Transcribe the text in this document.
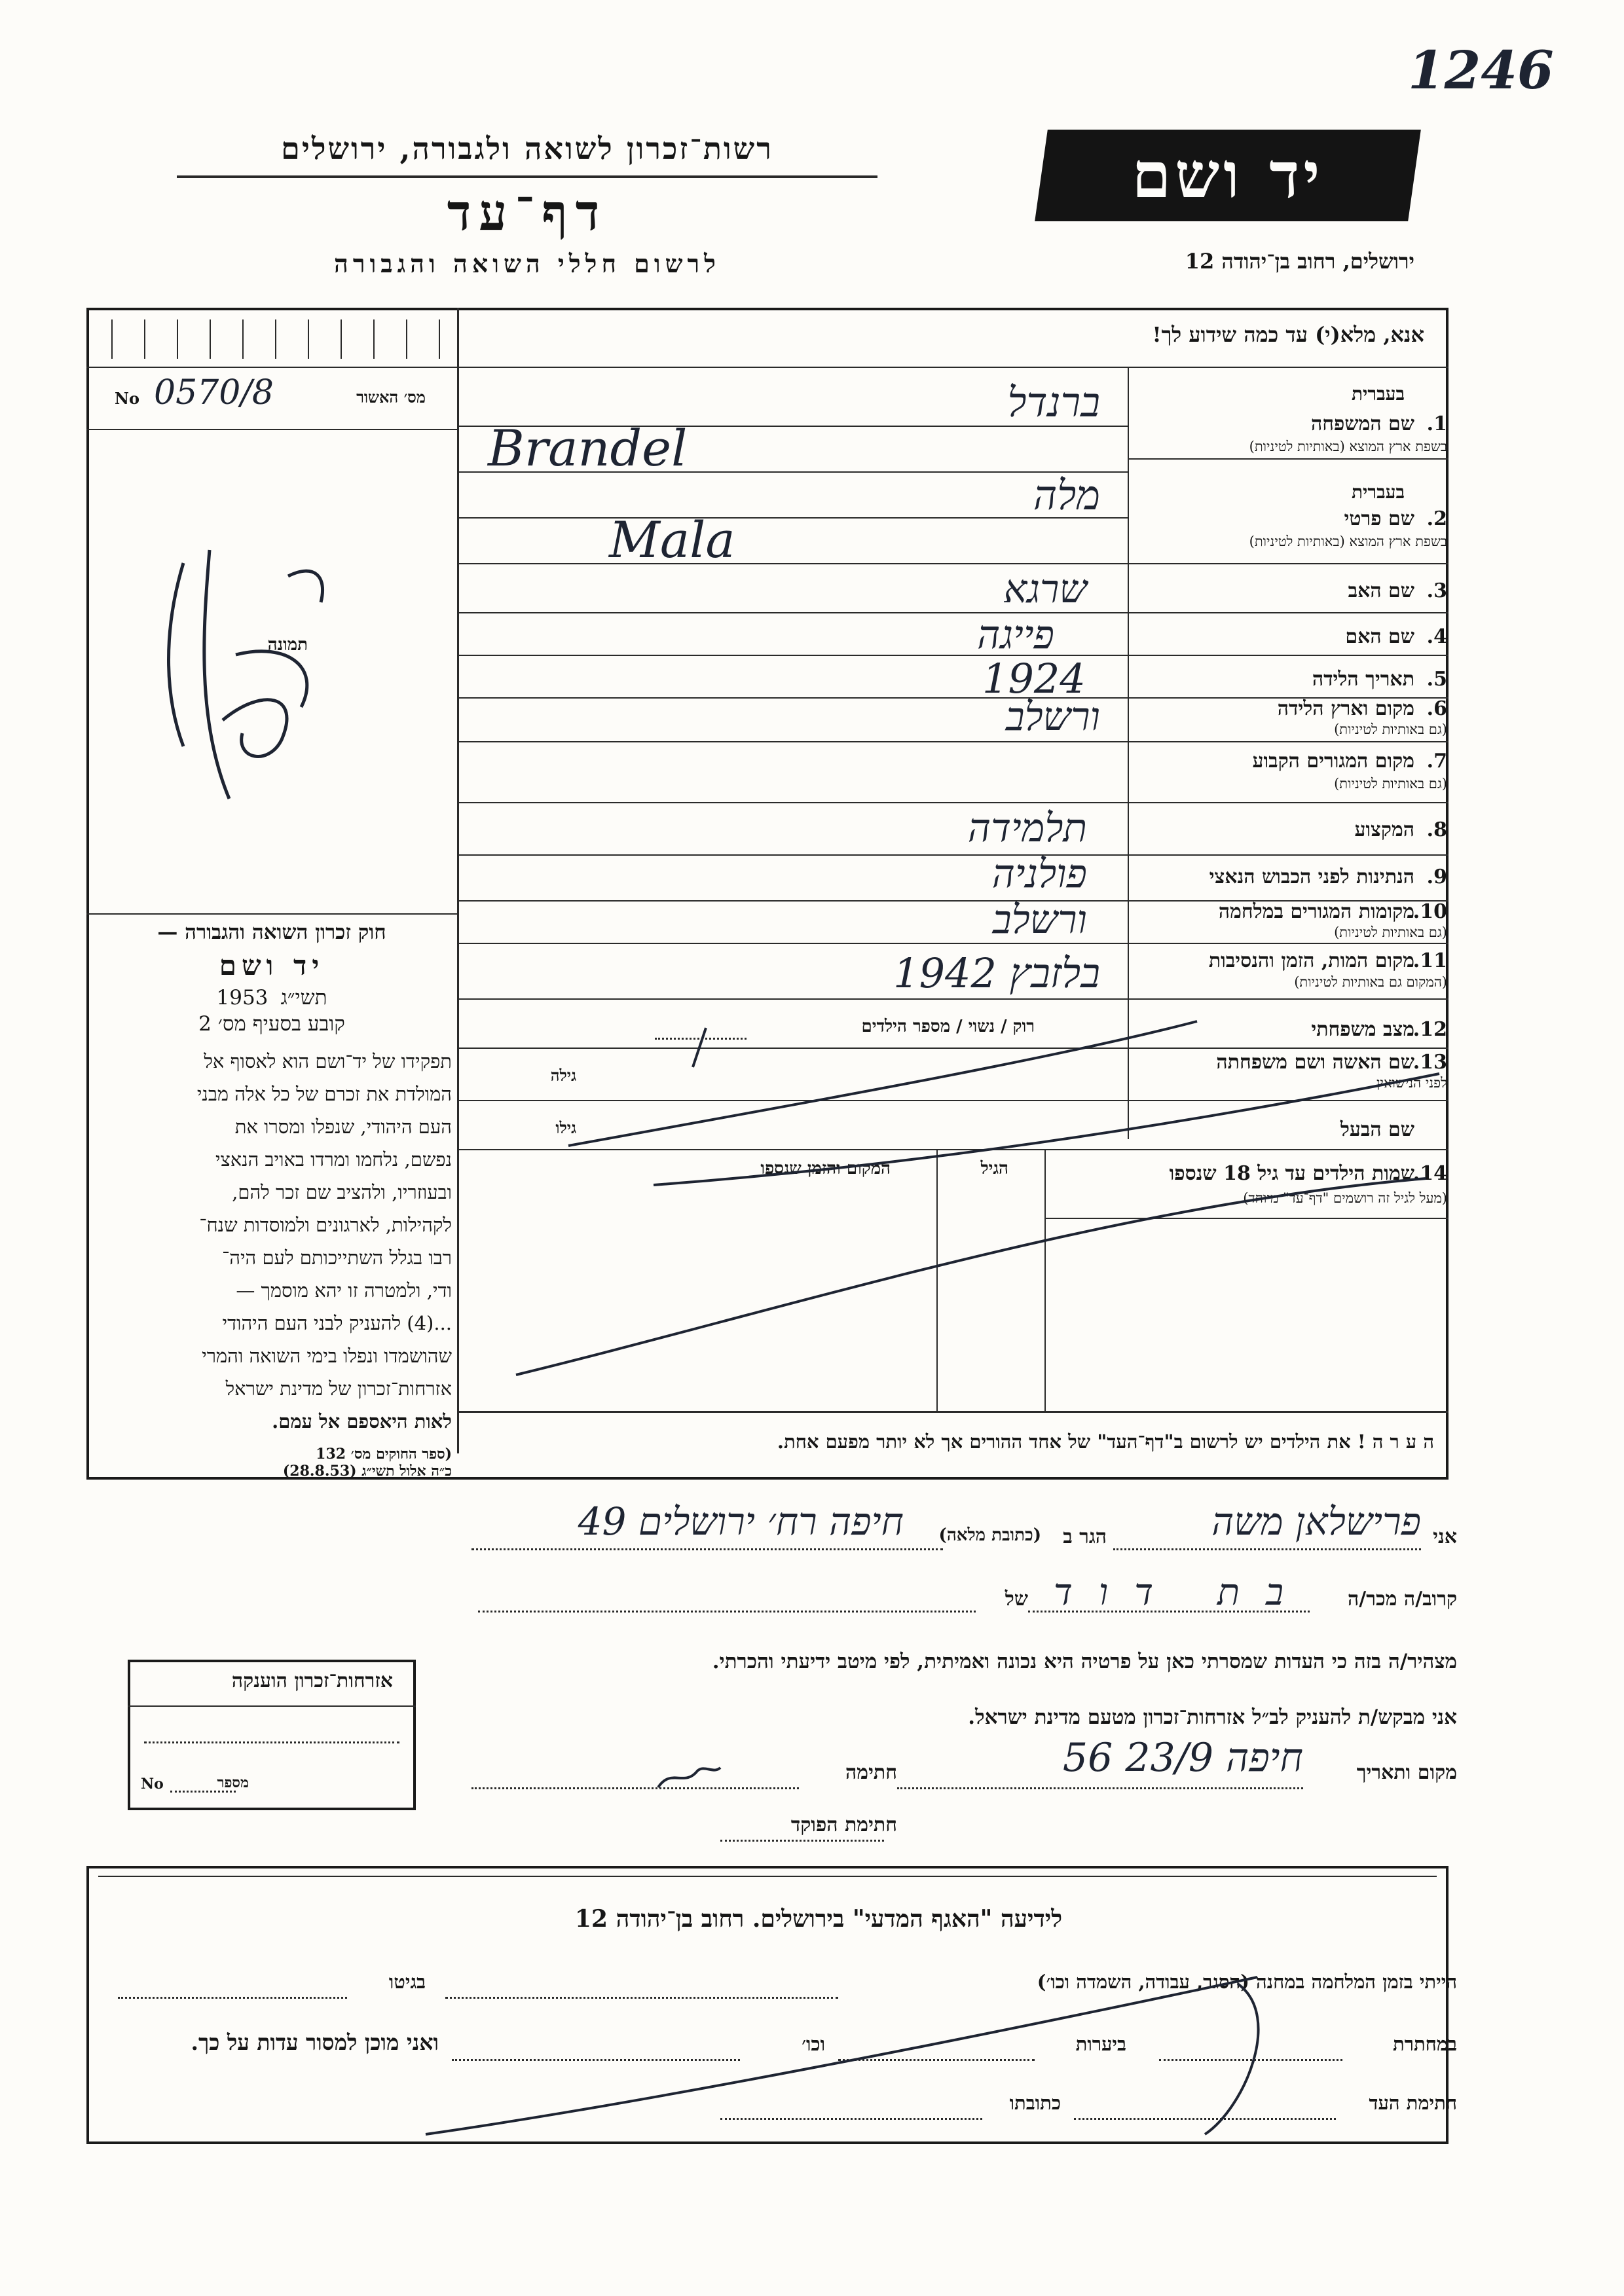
1246
רשות־זכרון לשואה ולגבורה, ירושלים
דף־עד
לרשום חללי השואה והגבורה
יד ושם
ירושלים, רחוב בן־יהודה 12
אנא, מלא(י) עד כמה שידוע לך!
מס׳ האשור
No 0570/8
תמונה
בעברית
1.
שם המשפחה
בשפת ארץ המוצא (באותיות לטיניות)
ברנדל
Brandel
בעברית
2.
שם פרטי
בשפת ארץ המוצא (באותיות לטיניות)
מלה
Mala
3.
שם האב
שרגא
4.
שם האם
פייגה
5.
תאריך הלידה
1924
6.
מקום וארץ הלידה
(גם באותיות לטיניות)
ורשלב
7.
מקום המגורים הקבוע
(גם באותיות לטיניות)
8.
המקצוע
תלמידה
9.
הנתינות לפני הכבוש הנאצי
פולניה
10.
מקומות המגורים במלחמה
(גם באותיות לטיניות)
ורשלב
11.
מקום המות, הזמן והנסיבות
(המקום גם באותיות לטיניות)
בלזבץ 1942
12.
מצב משפחתי
רוק / נשוי / מספר הילדים
13.
שם האשה ושם משפחתה
לפני הנישואין
גילה
שם הבעל
גילו
14.
שמות הילדים עד גיל 18 שנספו
(מעל לגיל זה רושמים "דף־עד" מיוחד)
הגיל
המקום והזמן שנספו
ה ע ר ה ! את הילדים יש לרשום ב"דף־העד" של אחד ההורים אך לא יותר מפעם אחת.
חוק זכרון השואה והגבורה —
יד ושם
תשי״ג 1953
קובע בסעיף מס׳ 2
תפקידו של יד־ושם הוא לאסוף אל
המולדת את זכרם של כל אלה מבני
העם היהודי, שנפלו ומסרו את
נפשם, נלחמו ומרדו באויב הנאצי
ובעוזריו, ולהציב שם זכר להם,
לקהילות, לארגונים ולמוסדות שנח־
רבו בגלל השתייכותם לעם היה־
ודי, ולמטרה זו יהא מוסמך —
...(4) להעניק לבני העם היהודי
שהושמדו ונפלו בימי השואה והמרי
אזרחות־זכרון של מדינת ישראל
לאות היאספם אל עמם.
(ספר החוקים מס׳ 132
כ״ה אלול תשי״ג (28.8.53)
אני
פרישלאן משה
הגר ב
(כתובת מלאה)
חיפה רח׳ ירושלים 49
קרוב/ה מכר/ה
בת דוד
של
מצהיר/ה בזה כי העדות שמסרתי כאן על פרטיה היא נכונה ואמיתית, לפי מיטב ידיעתי והכרתי.
אני מבקש/ת להעניק לב״ל אזרחות־זכרון מטעם מדינת ישראל.
מקום ותאריך
חיפה 23/9 56
חתימה
חתימת הפוקד
אזרחות־זכרון הוענקה
מספר
No
לידיעה "האגף המדעי" בירושלים. רחוב בן־יהודה 12
הייתי בזמן המלחמה במחנה (הסגר, עבודה, השמדה וכו׳)
בגיטו
במחתרת
ביערות
וכו׳
ואני מוכן למסור עדות על כך.
חתימת העד
כתובתו
